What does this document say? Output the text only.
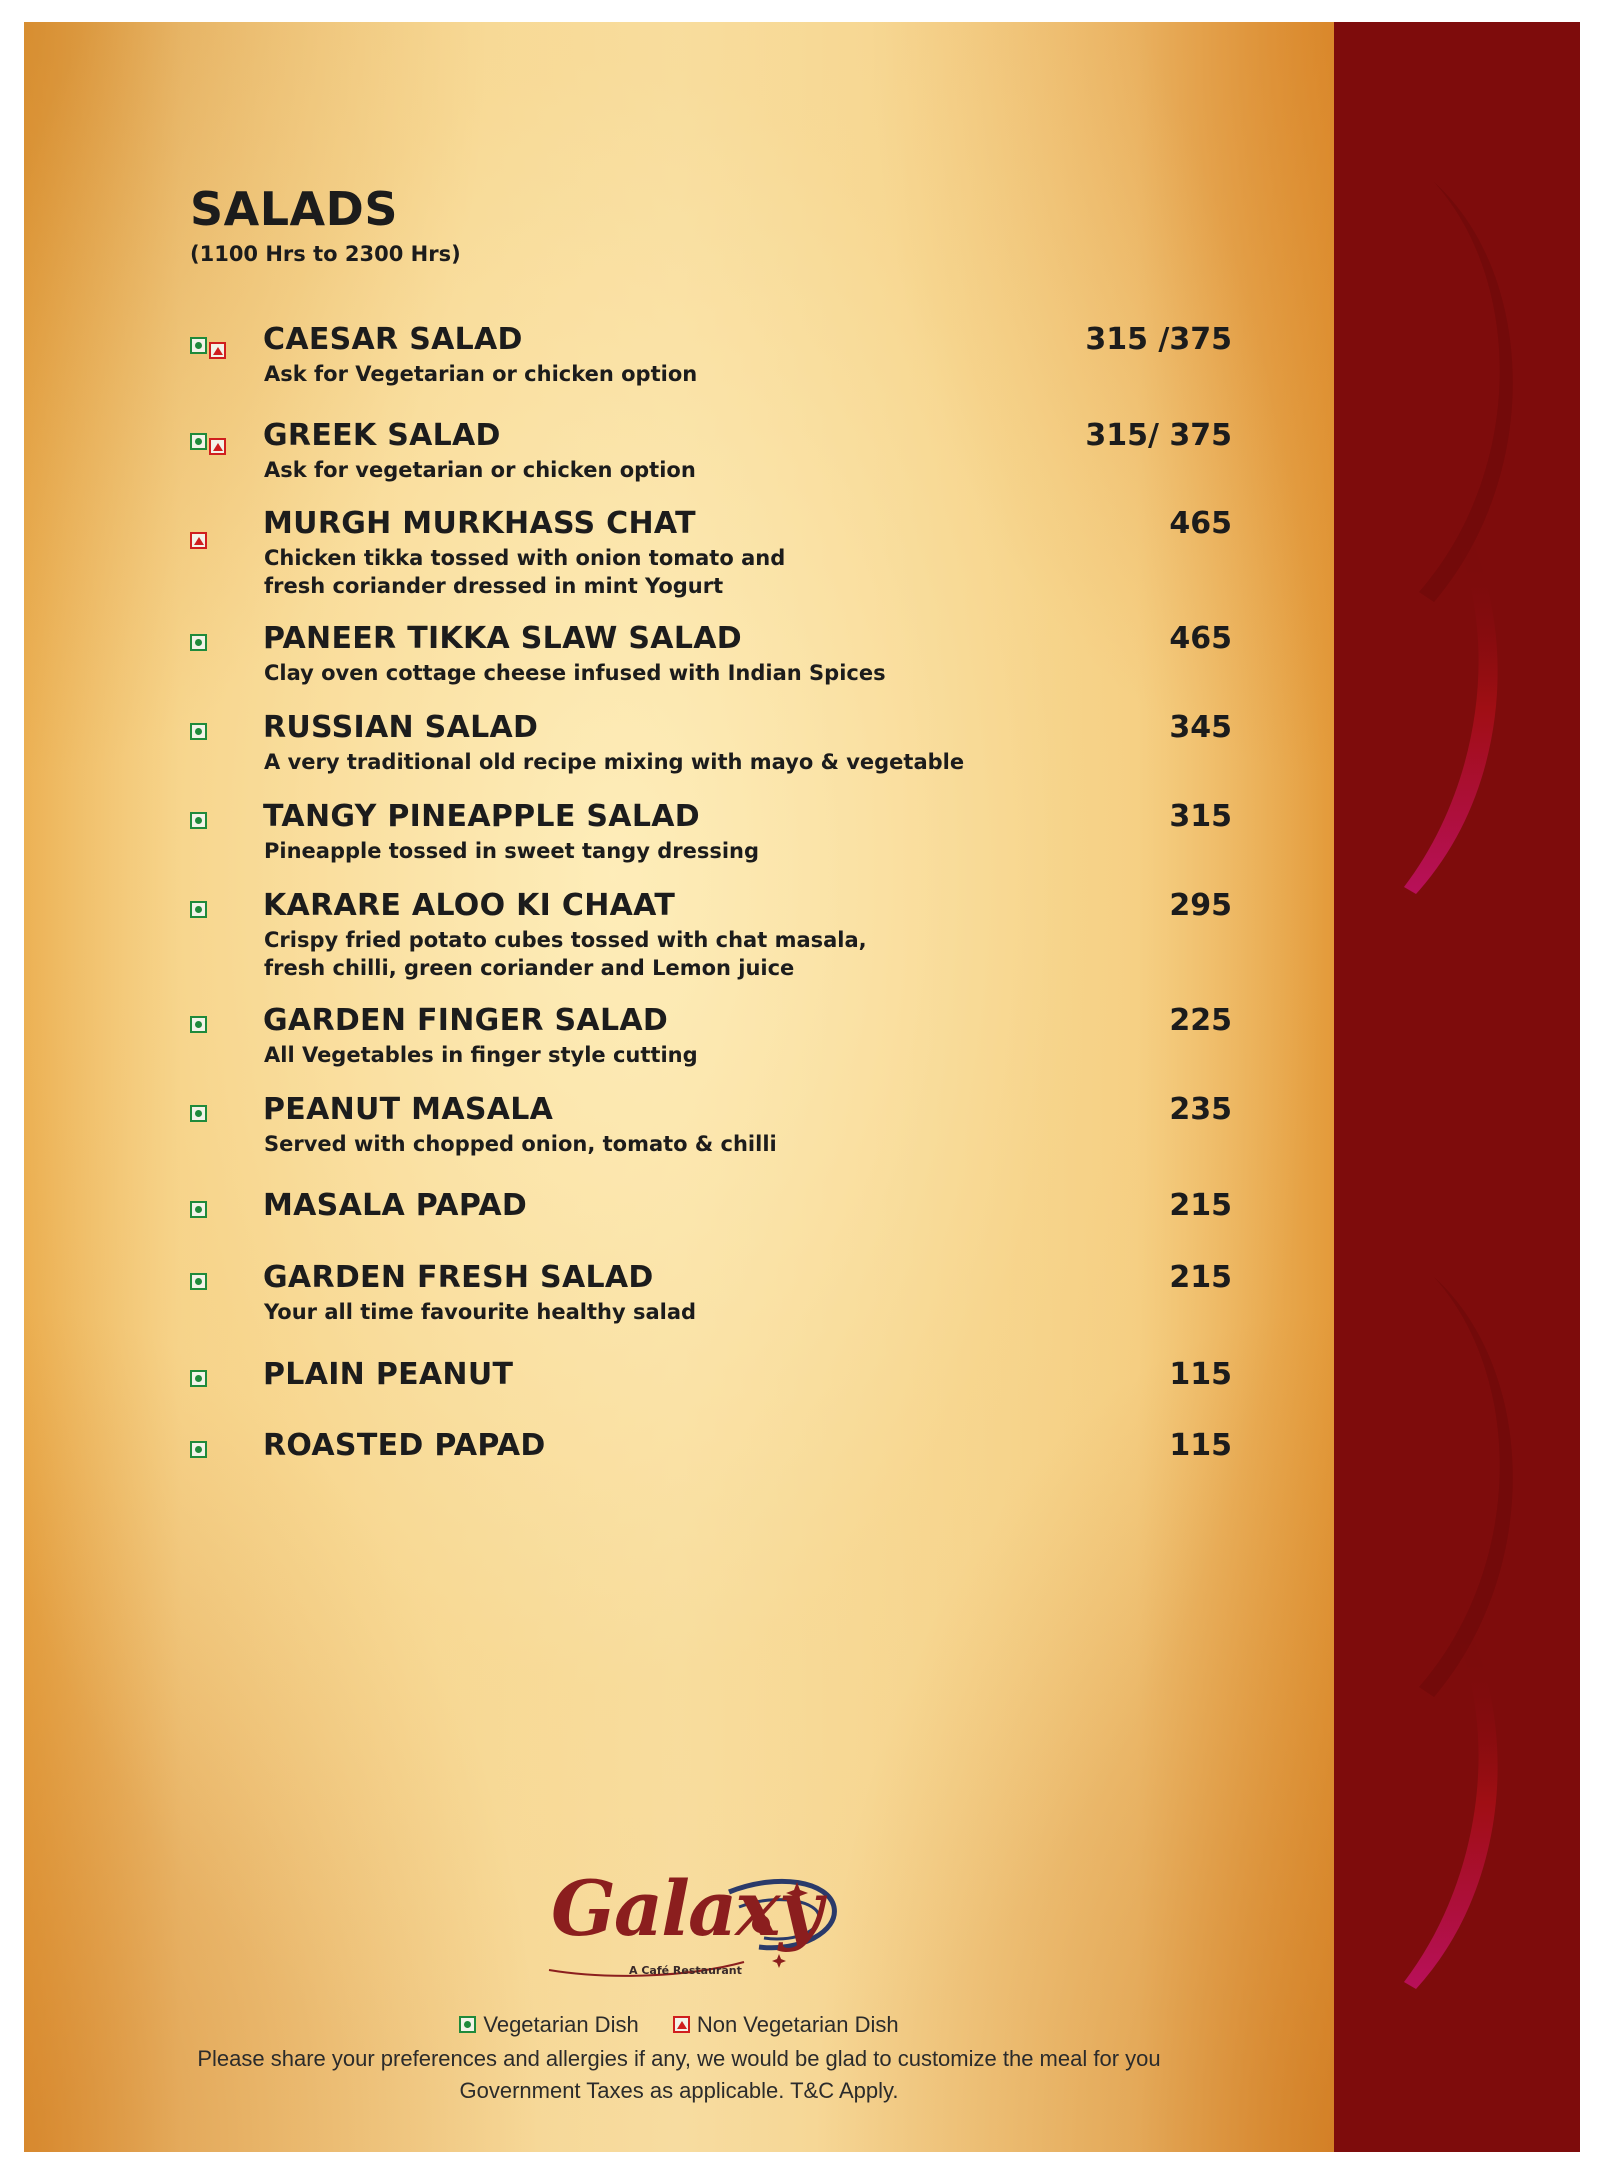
SALADS
(1100 Hrs to 2300 Hrs)
CAESAR SALAD	315 /375
Ask for Vegetarian or chicken option
GREEK SALAD	315/ 375
Ask for vegetarian or chicken option
MURGH MURKHASS CHAT	465
Chicken tikka tossed with onion tomato and fresh coriander dressed in mint Yogurt
PANEER TIKKA SLAW SALAD	465
Clay oven cottage cheese infused with Indian Spices
RUSSIAN SALAD	345
A very traditional old recipe mixing with mayo & vegetable
TANGY PINEAPPLE SALAD	315
Pineapple tossed in sweet tangy dressing
KARARE ALOO KI CHAAT	295
Crispy fried potato cubes tossed with chat masala, fresh chilli, green coriander and Lemon juice
GARDEN FINGER SALAD	225
All Vegetables in finger style cutting
PEANUT MASALA	235
Served with chopped onion, tomato & chilli
MASALA PAPAD	215
GARDEN FRESH SALAD	215
Your all time favourite healthy salad
PLAIN PEANUT	115
ROASTED PAPAD	115
Galaxy
A Café Restaurant
Vegetarian Dish	Non Vegetarian Dish
Please share your preferences and allergies if any, we would be glad to customize the meal for you
Government Taxes as applicable. T&C Apply.
